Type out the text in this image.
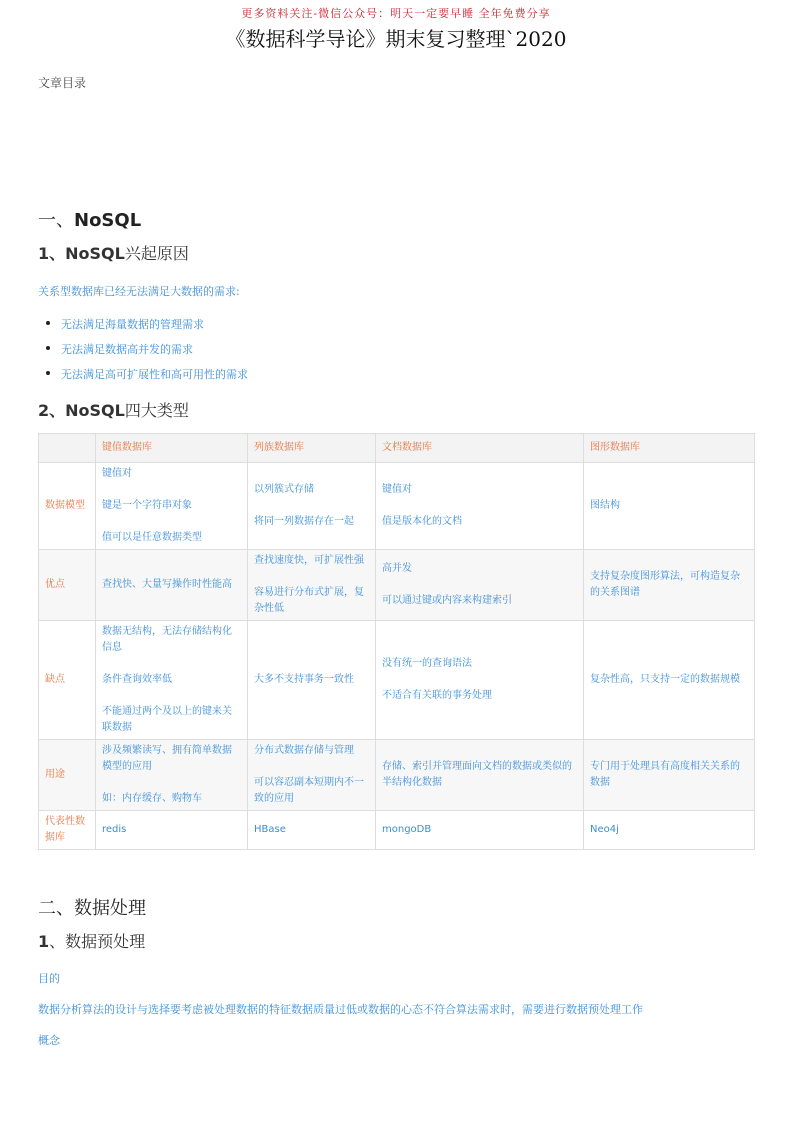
更多资料关注-微信公众号：明天一定要早睡 全年免费分享
《数据科学导论》期末复习整理`2020
文章目录
一、NoSQL
1、NoSQL兴起原因
关系型数据库已经无法满足大数据的需求:
无法满足海量数据的管理需求
无法满足数据高并发的需求
无法满足高可扩展性和高可用性的需求
2、NoSQL四大类型
	键值数据库	列族数据库	文档数据库	图形数据库
数据模型	键值对
键是一个字符串对象
值可以是任意数据类型	以列簇式存储
将同一列数据存在一起	键值对
值是版本化的文档	图结构

优点	查找快、大量写操作时性能高	查找速度快，可扩展性强
容易进行分布式扩展，复
杂性低	高并发
可以通过键或内容来构建索引	支持复杂度图形算法，可构造复杂
的关系图谱

缺点	数据无结构，无法存储结构化
信息
条件查询效率低
不能通过两个及以上的键来关
联数据	大多不支持事务一致性	没有统一的查询语法
不适合有关联的事务处理	复杂性高，只支持一定的数据规模

用途	涉及频繁读写、拥有简单数据
模型的应用
如：内存缓存、购物车	分布式数据存储与管理
可以容忍副本短期内不一
致的应用	存储、索引并管理面向文档的数据或类似的
半结构化数据	专门用于处理具有高度相关关系的
数据

代表性数据库	redis	HBase	mongoDB	Neo4j
二、数据处理
1、数据预处理
目的
数据分析算法的设计与选择要考虑被处理数据的特征数据质量过低或数据的心态不符合算法需求时，需要进行数据预处理工作
概念
